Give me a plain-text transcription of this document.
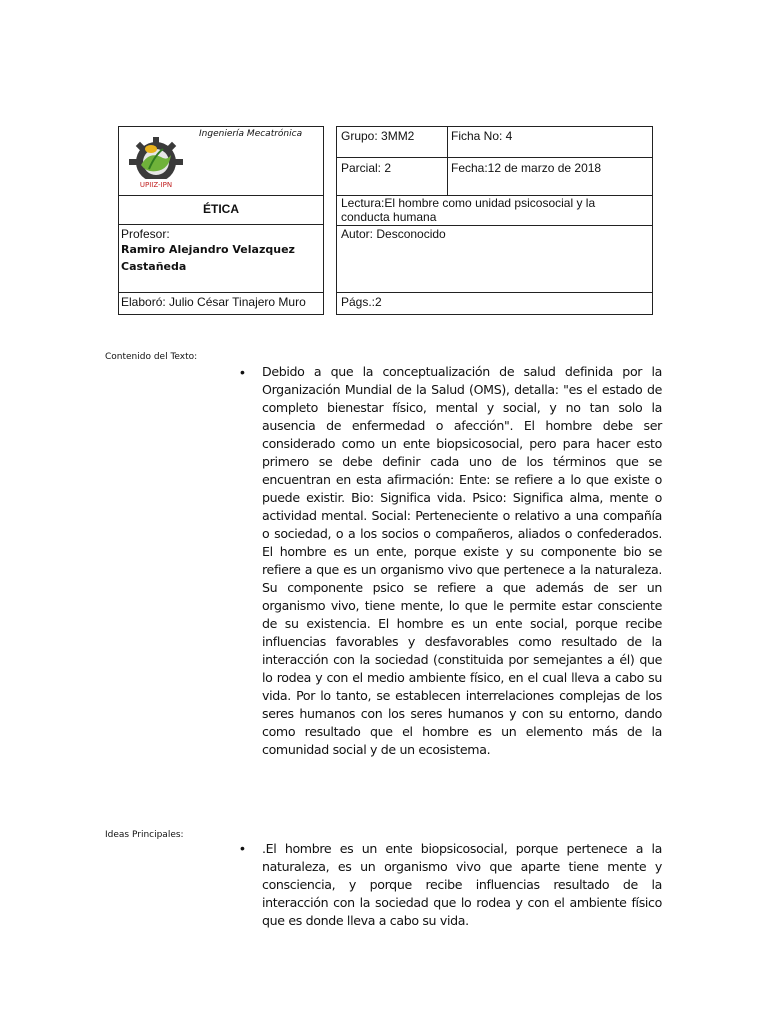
UPIIZ-IPN
Ingeniería Mecatrónica
ÉTICA
Profesor:
Ramiro Alejandro Velazquez Castañeda
Elaboró: Julio César Tinajero Muro
Grupo: 3MM2	Ficha No: 4
Parcial: 2	Fecha:12 de marzo de 2018
Lectura:El hombre como unidad psicosocial y la conducta humana
Autor: Desconocido
Págs.:2
Contenido del Texto:
• Debido a que la conceptualización de salud definida por la Organización Mundial de la Salud (OMS), detalla: "es el estado de completo bienestar físico, mental y social, y no tan solo la ausencia de enfermedad o afección". El hombre debe ser considerado como un ente biopsicosocial, pero para hacer esto primero se debe definir cada uno de los términos que se encuentran en esta afirmación: Ente: se refiere a lo que existe o puede existir. Bio: Significa vida. Psico: Significa alma, mente o actividad mental. Social: Perteneciente o relativo a una compañía o sociedad, o a los socios o compañeros, aliados o confederados. El hombre es un ente, porque existe y su componente bio se refiere a que es un organismo vivo que pertenece a la naturaleza. Su componente psico se refiere a que además de ser un organismo vivo, tiene mente, lo que le permite estar consciente de su existencia. El hombre es un ente social, porque recibe influencias favorables y desfavorables como resultado de la interacción con la sociedad (constituida por semejantes a él) que lo rodea y con el medio ambiente físico, en el cual lleva a cabo su vida. Por lo tanto, se establecen interrelaciones complejas de los seres humanos con los seres humanos y con su entorno, dando como resultado que el hombre es un elemento más de la comunidad social y de un ecosistema.

Ideas Principales:
• .El hombre es un ente biopsicosocial, porque pertenece a la naturaleza, es un organismo vivo que aparte tiene mente y consciencia, y porque recibe influencias resultado de la interacción con la sociedad que lo rodea y con el ambiente físico que es donde lleva a cabo su vida.
